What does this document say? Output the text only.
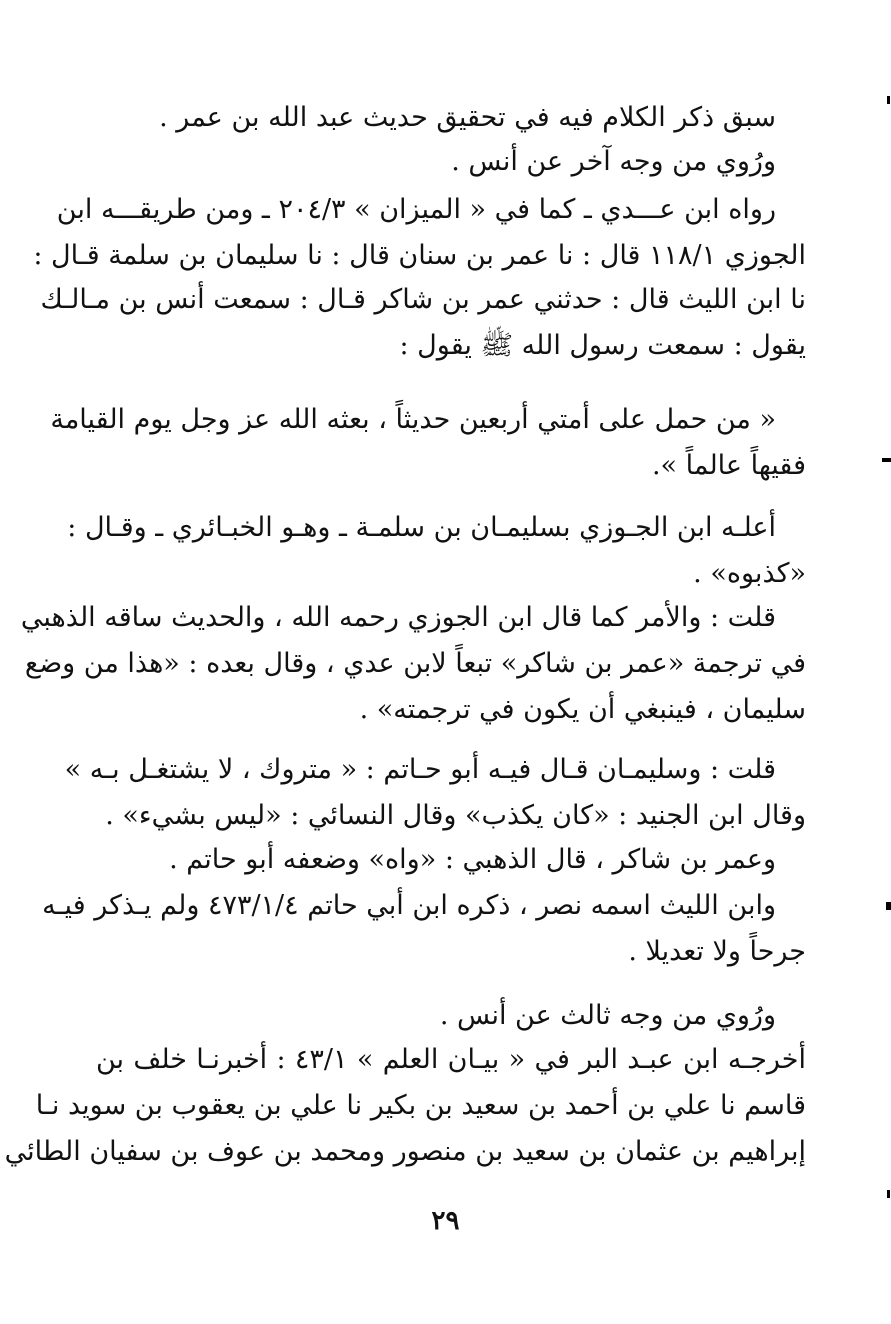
سبق ذكر الكلام فيه في تحقيق حديث عبد الله بن عمر .
ورُوي من وجه آخر عن أنس .
رواه ابن عـــدي ـ كما في « الميزان » ٢٠٤/٣ ـ ومن طريقـــه ابن
الجوزي ١١٨/١ قال : نا عمر بن سنان قال : نا سليمان بن سلمة قـال :
نا ابن الليث قال : حدثني عمر بن شاكر قـال : سمعت أنس بن مـالـك
يقول : سمعت رسول الله ﷺ يقول :
« من حمل على أمتي أربعين حديثاً ، بعثه الله عز وجل يوم القيامة
فقيهاً عالماً ».
أعلـه ابن الجـوزي بسليمـان بن سلمـة ـ وهـو الخبـائري ـ وقـال :
«كذبوه» .
قلت : والأمر كما قال ابن الجوزي رحمه الله ، والحديث ساقه الذهبي
في ترجمة «عمر بن شاكر» تبعاً لابن عدي ، وقال بعده : «هذا من وضع
سليمان ، فينبغي أن يكون في ترجمته» .
قلت : وسليمـان قـال فيـه أبو حـاتم : « متروك ، لا يشتغـل بـه »
وقال ابن الجنيد : «كان يكذب» وقال النسائي : «ليس بشيء» .
وعمر بن شاكر ، قال الذهبي : «واه» وضعفه أبو حاتم .
وابن الليث اسمه نصر ، ذكره ابن أبي حاتم ٤٧٣/١/٤ ولم يـذكر فيـه
جرحاً ولا تعديلا .
ورُوي من وجه ثالث عن أنس .
أخرجـه ابن عبـد البر في « بيـان العلم » ٤٣/١ : أخبرنـا خلف بن
قاسم نا علي بن أحمد بن سعيد بن بكير نا علي بن يعقوب بن سويد نـا
إبراهيم بن عثمان بن سعيد بن منصور ومحمد بن عوف بن سفيان الطائي
٢٩
